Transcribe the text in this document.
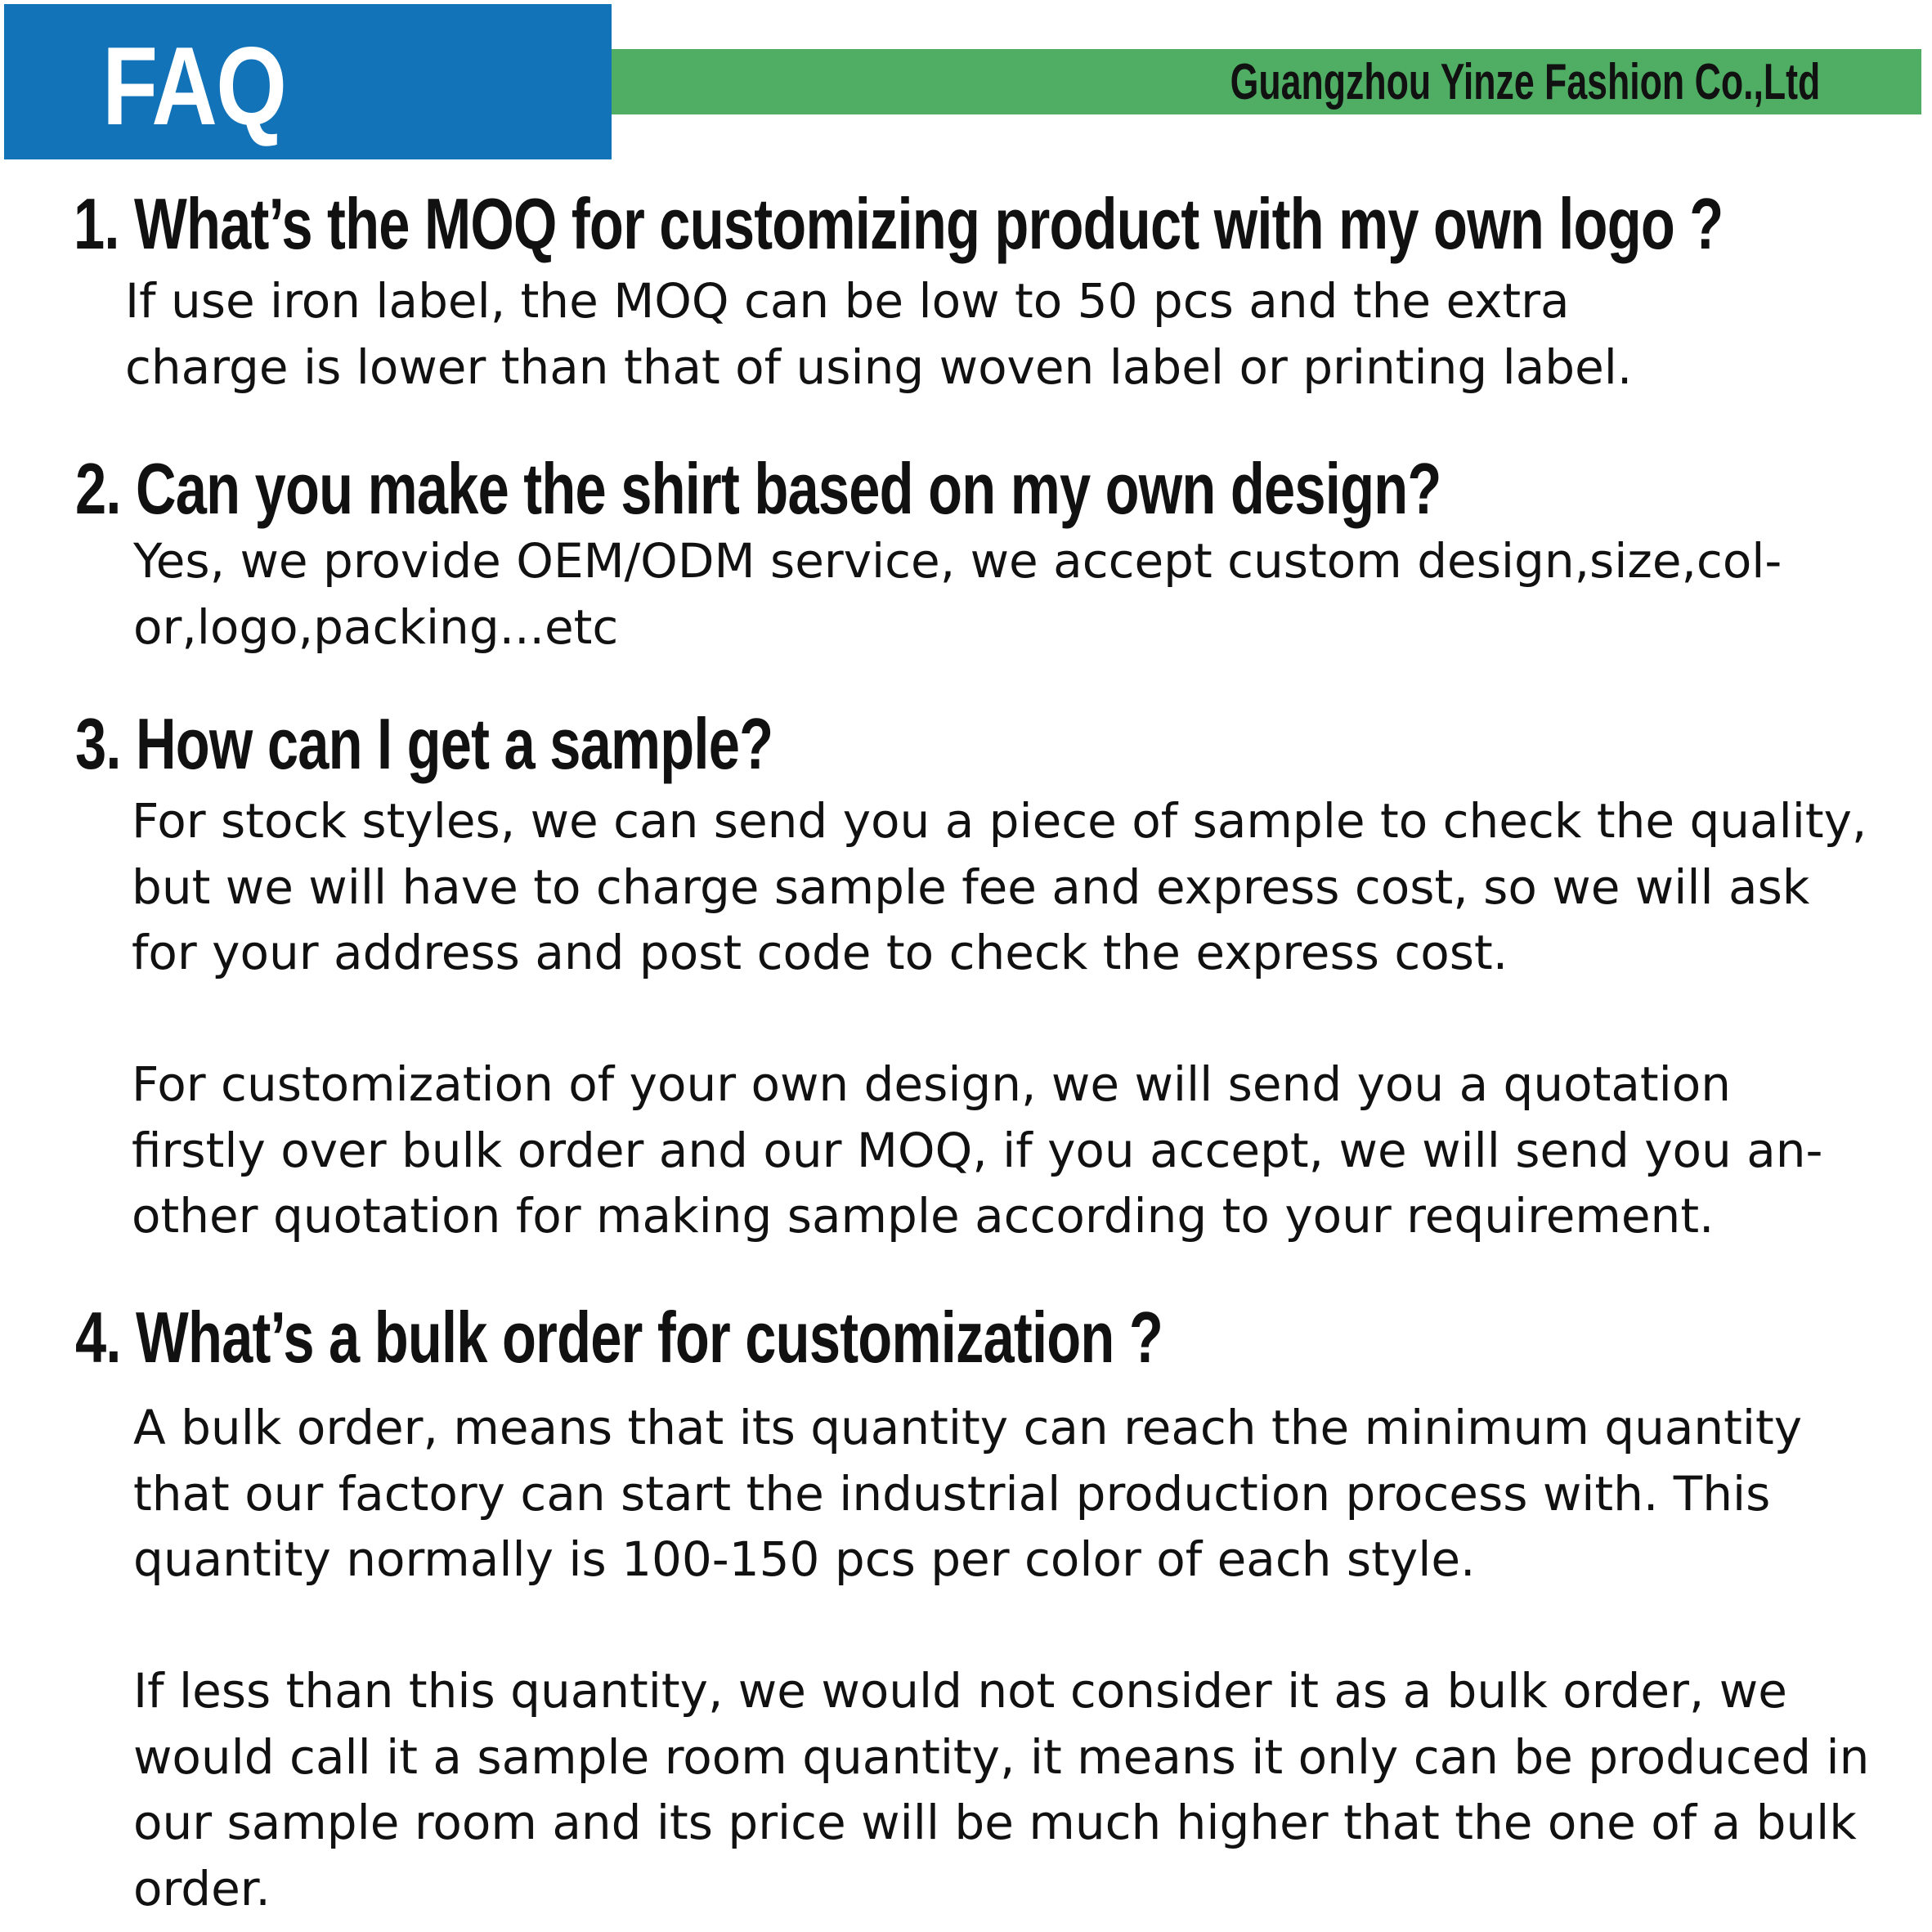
FAQ	Guangzhou Yinze Fashion Co.,Ltd
1. What’s the MOQ for customizing product with my own logo ?
If use iron label, the MOQ can be low to 50 pcs and the extra
charge is lower than that of using woven label or printing label.
2. Can you make the shirt based on my own design?
Yes, we provide OEM/ODM service, we accept custom design,size,col-
or,logo,packing...etc
3. How can I get a sample?
For stock styles, we can send you a piece of sample to check the quality,
but we will have to charge sample fee and express cost, so we will ask
for your address and post code to check the express cost.

For customization of your own design, we will send you a quotation
firstly over bulk order and our MOQ, if you accept, we will send you an-
other quotation for making sample according to your requirement.
4. What’s a bulk order for customization ?
A bulk order, means that its quantity can reach the minimum quantity
that our factory can start the industrial production process with. This
quantity normally is 100-150 pcs per color of each style.

If less than this quantity, we would not consider it as a bulk order, we
would call it a sample room quantity, it means it only can be produced in
our sample room and its price will be much higher that the one of a bulk
order.
